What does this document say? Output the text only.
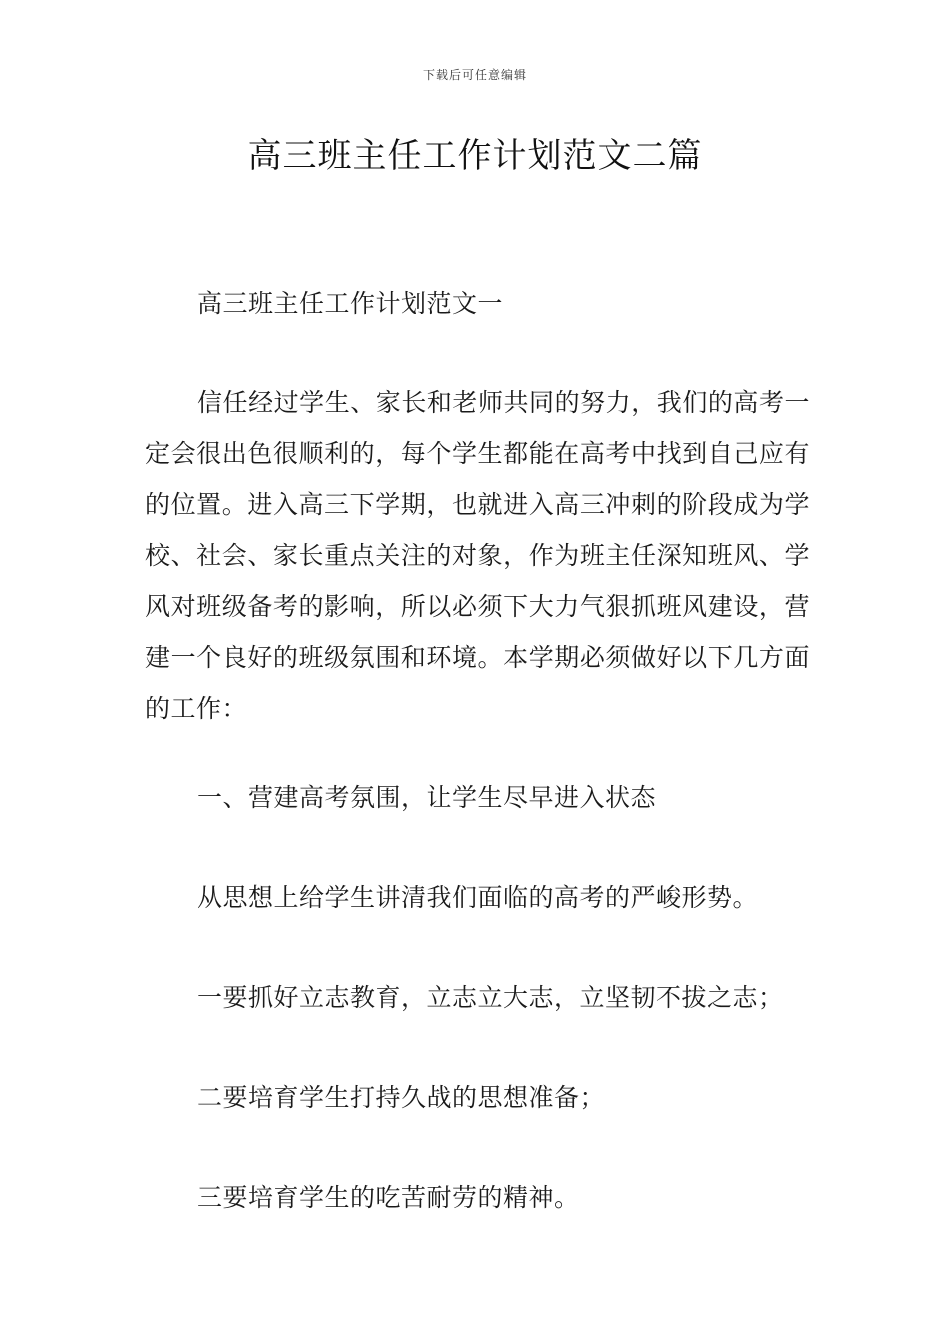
下载后可任意编辑
高三班主任工作计划范文二篇

高三班主任工作计划范文一

信任经过学生、家长和老师共同的努力，我们的高考一定会很出色很顺利的，每个学生都能在高考中找到自己应有的位置。进入高三下学期，也就进入高三冲刺的阶段成为学校、社会、家长重点关注的对象，作为班主任深知班风、学风对班级备考的影响，所以必须下大力气狠抓班风建设，营建一个良好的班级氛围和环境。本学期必须做好以下几方面的工作：

一、营建高考氛围，让学生尽早进入状态

从思想上给学生讲清我们面临的高考的严峻形势。

一要抓好立志教育，立志立大志，立坚韧不拔之志；

二要培育学生打持久战的思想准备；

三要培育学生的吃苦耐劳的精神。
